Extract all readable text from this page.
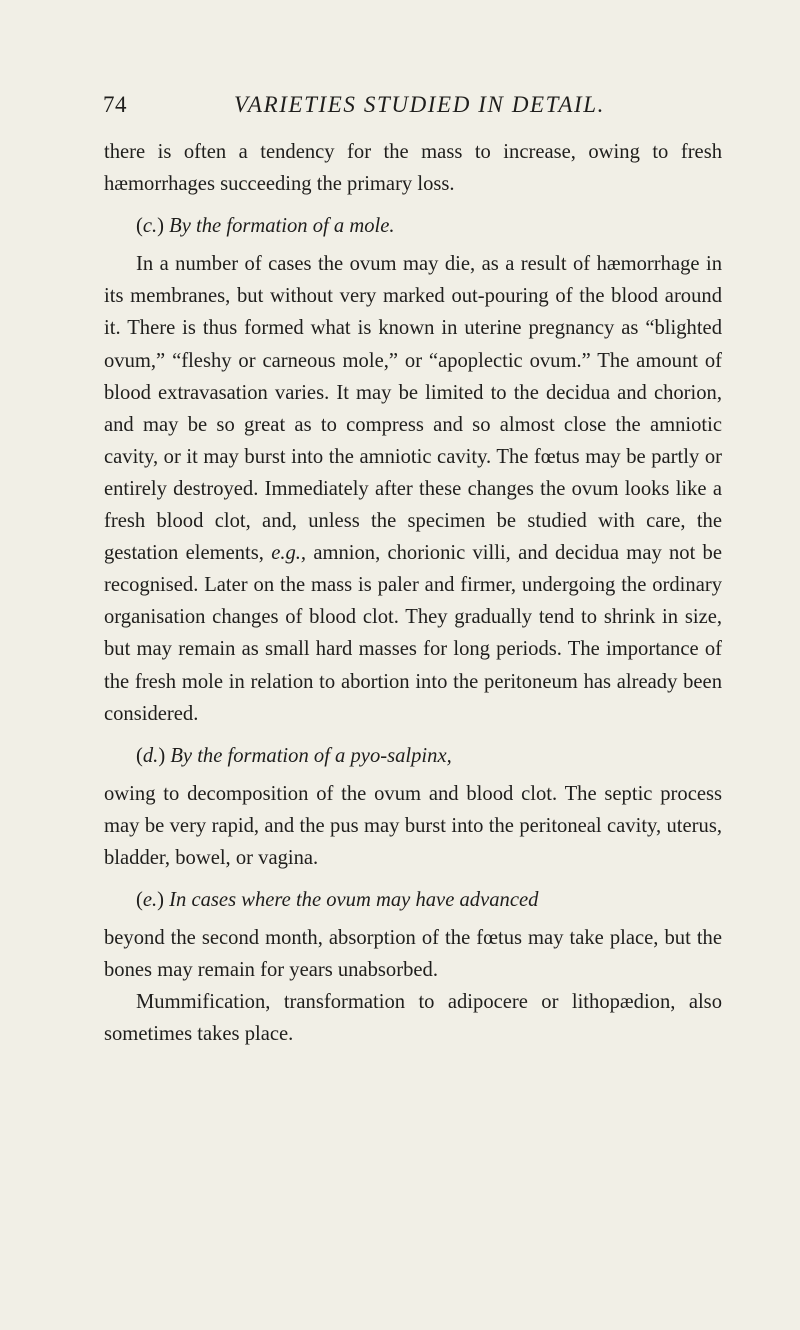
74	VARIETIES STUDIED IN DETAIL.

there is often a tendency for the mass to increase, owing to fresh hæmorrhages succeeding the primary loss.

(c.) By the formation of a mole.

In a number of cases the ovum may die, as a result of hæmorrhage in its membranes, but without very marked out-pouring of the blood around it. There is thus formed what is known in uterine pregnancy as “blighted ovum,” “fleshy or carneous mole,” or “apoplectic ovum.” The amount of blood extravasation varies. It may be limited to the decidua and chorion, and may be so great as to compress and so almost close the amniotic cavity, or it may burst into the amniotic cavity. The fœtus may be partly or entirely destroyed. Immediately after these changes the ovum looks like a fresh blood clot, and, unless the specimen be studied with care, the gestation elements, e.g., amnion, chorionic villi, and decidua may not be recognised. Later on the mass is paler and firmer, undergoing the ordinary organisation changes of blood clot. They gradually tend to shrink in size, but may remain as small hard masses for long periods. The importance of the fresh mole in relation to abortion into the peritoneum has already been considered.

(d.) By the formation of a pyo-salpinx,

owing to decomposition of the ovum and blood clot. The septic process may be very rapid, and the pus may burst into the peritoneal cavity, uterus, bladder, bowel, or vagina.

(e.) In cases where the ovum may have advanced

beyond the second month, absorption of the fœtus may take place, but the bones may remain for years unabsorbed.

Mummification, transformation to adipocere or lithopædion, also sometimes takes place.
